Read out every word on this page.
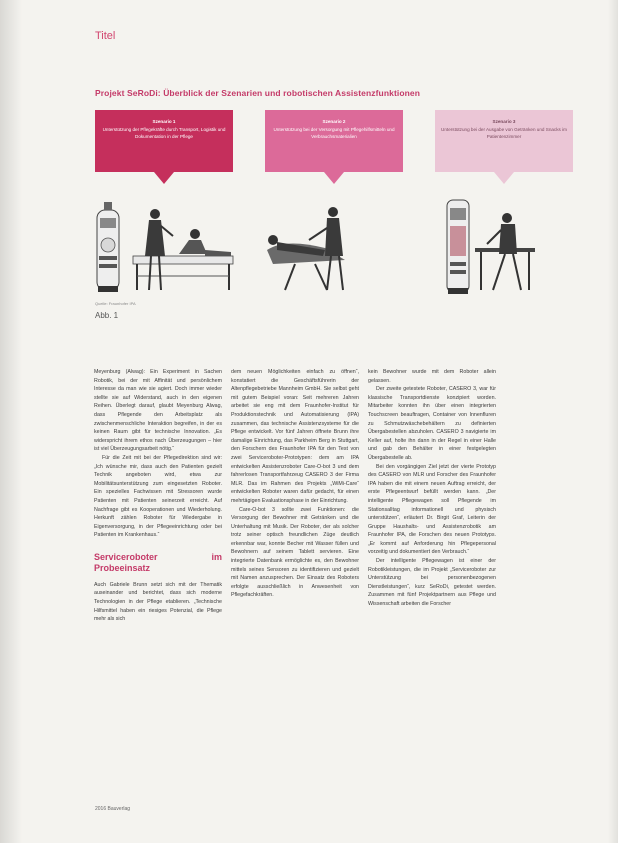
Titel
Projekt SeRoDi: Überblick der Szenarien und robotischen Assistenzfunktionen
Szenario 1
Unterstützung der Pflegekräfte durch Transport, Logistik und Dokumentation in der Pflege
Szenario 2
Unterstützung bei der Versorgung mit Pflegehilfsmitteln und Verbrauchsmaterialien
Szenario 3
Unterstützung bei der Ausgabe von Getränken und Snacks im Patientenzimmer
Quelle: Fraunhofer IPA
Abb. 1

Meyenburg (Alwag): Ein Experiment in Sachen Robotik, bei der mit Affinität und persönlichem Interesse da man wie sie agiert. Doch immer wieder stellte sie auf Widerstand, auch in den eigenen Reihen. Überlegt darauf, glaubt Meyenburg Alwag, dass Pflegende den Arbeitsplatz als zwischenmenschliche Interaktion begreifen, in der es keinen Raum gibt für technische Innovation. „Es widerspricht ihrem ethos nach Überzeugungen – hier ist viel Überzeugungsarbeit nötig.“

Für die Zeit mit bei der Pflegedirektion sind wir: „Ich wünsche mir, dass auch den Patienten gezielt Technik angeboten wird, etwa zur Mobilitätsunterstützung zum eingesetzten Roboter. Ein spezielles Fachwissen mit Stressoren wurde Patienten mit Patienten seinerzeit erreicht. Auf Nachfrage gibt es Kooperationen und Wiederholung. Herkunft zählen Roboter für Wiedergabe in Eigenversorgung, in der Pflegeeinrichtung oder bei Patienten im Krankenhaus.“

Serviceroboter im Probeeinsatz

Auch Gabriele Brunn setzt sich mit der Thematik auseinander und berichtet, dass sich moderne Technologien in der Pflege etablieren. „Technische Hilfsmittel haben ein riesiges Potenzial, die Pflege mehr als sich

dem neuen Möglichkeiten einfach zu öffnen“, konstatiert die Geschäftsführerin der Altenpflegebetriebe Mannheim GmbH. Sie selbst geht mit gutem Beispiel voran: Seit mehreren Jahren arbeitet sie eng mit dem Fraunhofer-Institut für Produktionstechnik und Automatisierung (IPA) zusammen, das technische Assistenzsysteme für die Pflege entwickelt. Vor fünf Jahren öffnete Brunn ihre damalige Einrichtung, das Parkheim Berg in Stuttgart, den Forschern des Fraunhofer IPA für den Test von zwei Serviceroboter-Prototypen: dem am IPA entwickelten Assistenzroboter Care-O-bot 3 und dem fahrerlosen Transportfahrzeug CASERO 3 der Firma MLR. Das im Rahmen des Projekts „WiMi-Care“ entwickelten Roboter waren dafür gedacht, für einen mehrtägigen Evaluationsphase in der Einrichtung.

Care-O-bot 3 sollte zwei Funktionen: die Versorgung der Bewohner mit Getränken und die Unterhaltung mit Musik. Der Roboter, der als solcher trotz seiner optisch freundlichen Züge deutlich erkennbar war, konnte Becher mit Wasser füllen und Bewohnern auf seinem Tablett servieren. Eine integrierte Datenbank ermöglichte es, den Bewohner mittels seines Sensoren zu identifizieren und gezielt mit Namen anzusprechen. Der Einsatz des Roboters erfolgte ausschließlich in Anwesenheit von Pflegefachkräften.

kein Bewohner wurde mit dem Roboter allein gelassen.

Der zweite getestete Roboter, CASERO 3, war für klassische Transportdienste konzipiert worden. Mitarbeiter konnten ihn über einen integrierten Touchscreen beauftragen, Container von Innenfluren zu Schmutzwäschebehältern zu definierten Übergabestellen abzuholen. CASERO 3 navigierte im Keller auf, holte ihn dann in der Regel in einer Halle und gab den Behälter in einer festgelegten Übergabestelle ab.

Bei den vorgängigen Ziel jetzt der vierte Prototyp des CASERO von MLR und Forscher des Fraunhofer IPA haben die mit einem neuen Auftrag erreicht, der erste Pflegeentwurf befüllt werden kann. „Der intelligente Pflegewagen soll Pflegende im Stationsalltag informationell und physisch unterstützen“, erläutert Dr. Birgit Graf, Leiterin der Gruppe Haushalts- und Assistenzrobotik am Fraunhofer IPA, die Forschen des neuen Prototyps. „Er kommt auf Anforderung hin Pflegepersonal vorzeitig und dokumentiert den Verbrauch.“

Der intelligente Pflegewagen ist einer der Robotikleistungen, die im Projekt „Serviceroboter zur Unterstützung bei personenbezogenen Dienstleistungen“, kurz SeRoDi, getestet werden. Zusammen mit fünf Projektpartnern aus Pflege und Wissenschaft arbeiten die Forscher

2016 Bauverlag
